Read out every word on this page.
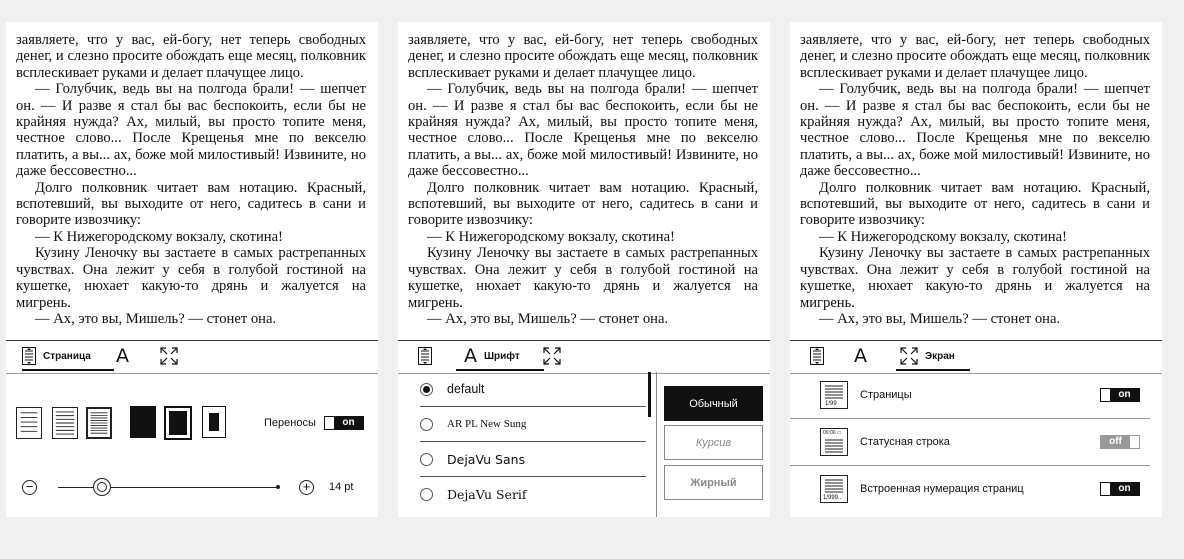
заявляете, что у вас, ей-богу, нет теперь свободных денег, и слезно просите обождать еще месяц, полковник всплескивает руками и делает плачущее лицо.

— Голубчик, ведь вы на полгода брали! — шепчет он. — И разве я стал бы вас беспокоить, если бы не крайняя нужда? Ах, милый, вы просто топите меня, честное слово... После Крещенья мне по векселю платить, а вы... ах, боже мой милостивый! Извините, но даже бессовестно...

Долго полковник читает вам нотацию. Красный, вспотевший, вы выходите от него, садитесь в сани и говорите извозчику:

— К Нижегородскому вокзалу, скотина!

Кузину Леночку вы застаете в самых растрепанных чувствах. Она лежит у себя в голубой гостиной на кушетке, нюхает какую-то дрянь и жалуется на мигрень.

— Ах, это вы, Мишель? — стонет она.

Страница A
Переносы	on
−	+	14 pt

заявляете, что у вас, ей-богу, нет теперь свободных денег, и слезно просите обождать еще месяц, полковник всплескивает руками и делает плачущее лицо.

— Голубчик, ведь вы на полгода брали! — шепчет он. — И разве я стал бы вас беспокоить, если бы не крайняя нужда? Ах, милый, вы просто топите меня, честное слово... После Крещенья мне по векселю платить, а вы... ах, боже мой милостивый! Извините, но даже бессовестно...

Долго полковник читает вам нотацию. Красный, вспотевший, вы выходите от него, садитесь в сани и говорите извозчику:

— К Нижегородскому вокзалу, скотина!

Кузину Леночку вы застаете в самых растрепанных чувствах. Она лежит у себя в голубой гостиной на кушетке, нюхает какую-то дрянь и жалуется на мигрень.

— Ах, это вы, Мишель? — стонет она.

A Шрифт
default
AR PL New Sung
DejaVu Sans
DejaVu Serif
Обычный
Курсив
Жирный

заявляете, что у вас, ей-богу, нет теперь свободных денег, и слезно просите обождать еще месяц, полковник всплескивает руками и делает плачущее лицо.

— Голубчик, ведь вы на полгода брали! — шепчет он. — И разве я стал бы вас беспокоить, если бы не крайняя нужда? Ах, милый, вы просто топите меня, честное слово... После Крещенья мне по векселю платить, а вы... ах, боже мой милостивый! Извините, но даже бессовестно...

Долго полковник читает вам нотацию. Красный, вспотевший, вы выходите от него, садитесь в сани и говорите извозчику:

— К Нижегородскому вокзалу, скотина!

Кузину Леночку вы застаете в самых растрепанных чувствах. Она лежит у себя в голубой гостиной на кушетке, нюхает какую-то дрянь и жалуется на мигрень.

— Ах, это вы, Мишель? — стонет она.

A	Экран
1/99
Страницы	on
00:00 ▭
Статусная строка	off
1/999..
Встроенная нумерация страниц	on
